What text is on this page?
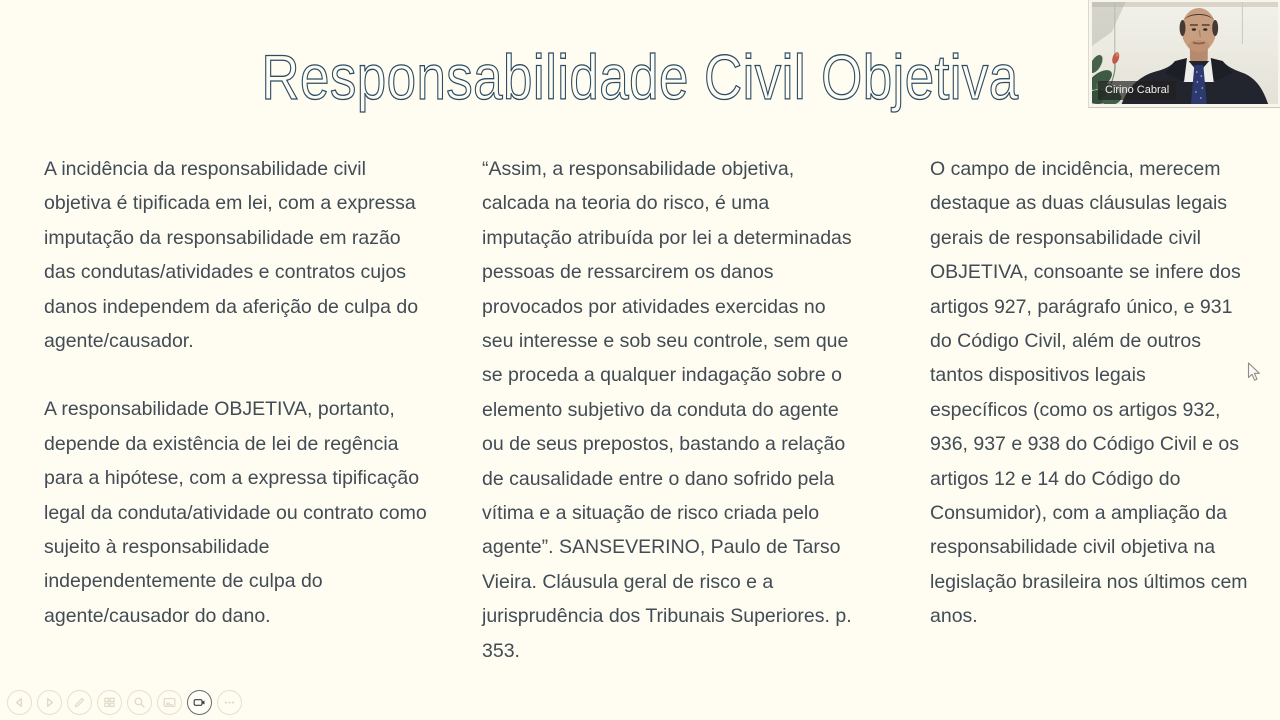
Responsabilidade Civil Objetiva

A incidência da responsabilidade civil objetiva é tipificada em lei, com a expressa imputação da responsabilidade em razão das condutas/atividades e contratos cujos danos independem da aferição de culpa do agente/causador.

A responsabilidade OBJETIVA, portanto, depende da existência de lei de regência para a hipótese, com a expressa tipificação legal da conduta/atividade ou contrato como sujeito à responsabilidade independentemente de culpa do agente/causador do dano.

“Assim, a responsabilidade objetiva, calcada na teoria do risco, é uma imputação atribuída por lei a determinadas pessoas de ressarcirem os danos provocados por atividades exercidas no seu interesse e sob seu controle, sem que se proceda a qualquer indagação sobre o elemento subjetivo da conduta do agente ou de seus prepostos, bastando a relação de causalidade entre o dano sofrido pela vítima e a situação de risco criada pelo agente”. SANSEVERINO, Paulo de Tarso Vieira. Cláusula geral de risco e a jurisprudência dos Tribunais Superiores. p. 353.

O campo de incidência, merecem destaque as duas cláusulas legais gerais de responsabilidade civil OBJETIVA, consoante se infere dos artigos 927, parágrafo único, e 931 do Código Civil, além de outros tantos dispositivos legais específicos (como os artigos 932, 936, 937 e 938 do Código Civil e os artigos 12 e 14 do Código do Consumidor), com a ampliação da responsabilidade civil objetiva na legislação brasileira nos últimos cem anos.

Cirino Cabral
